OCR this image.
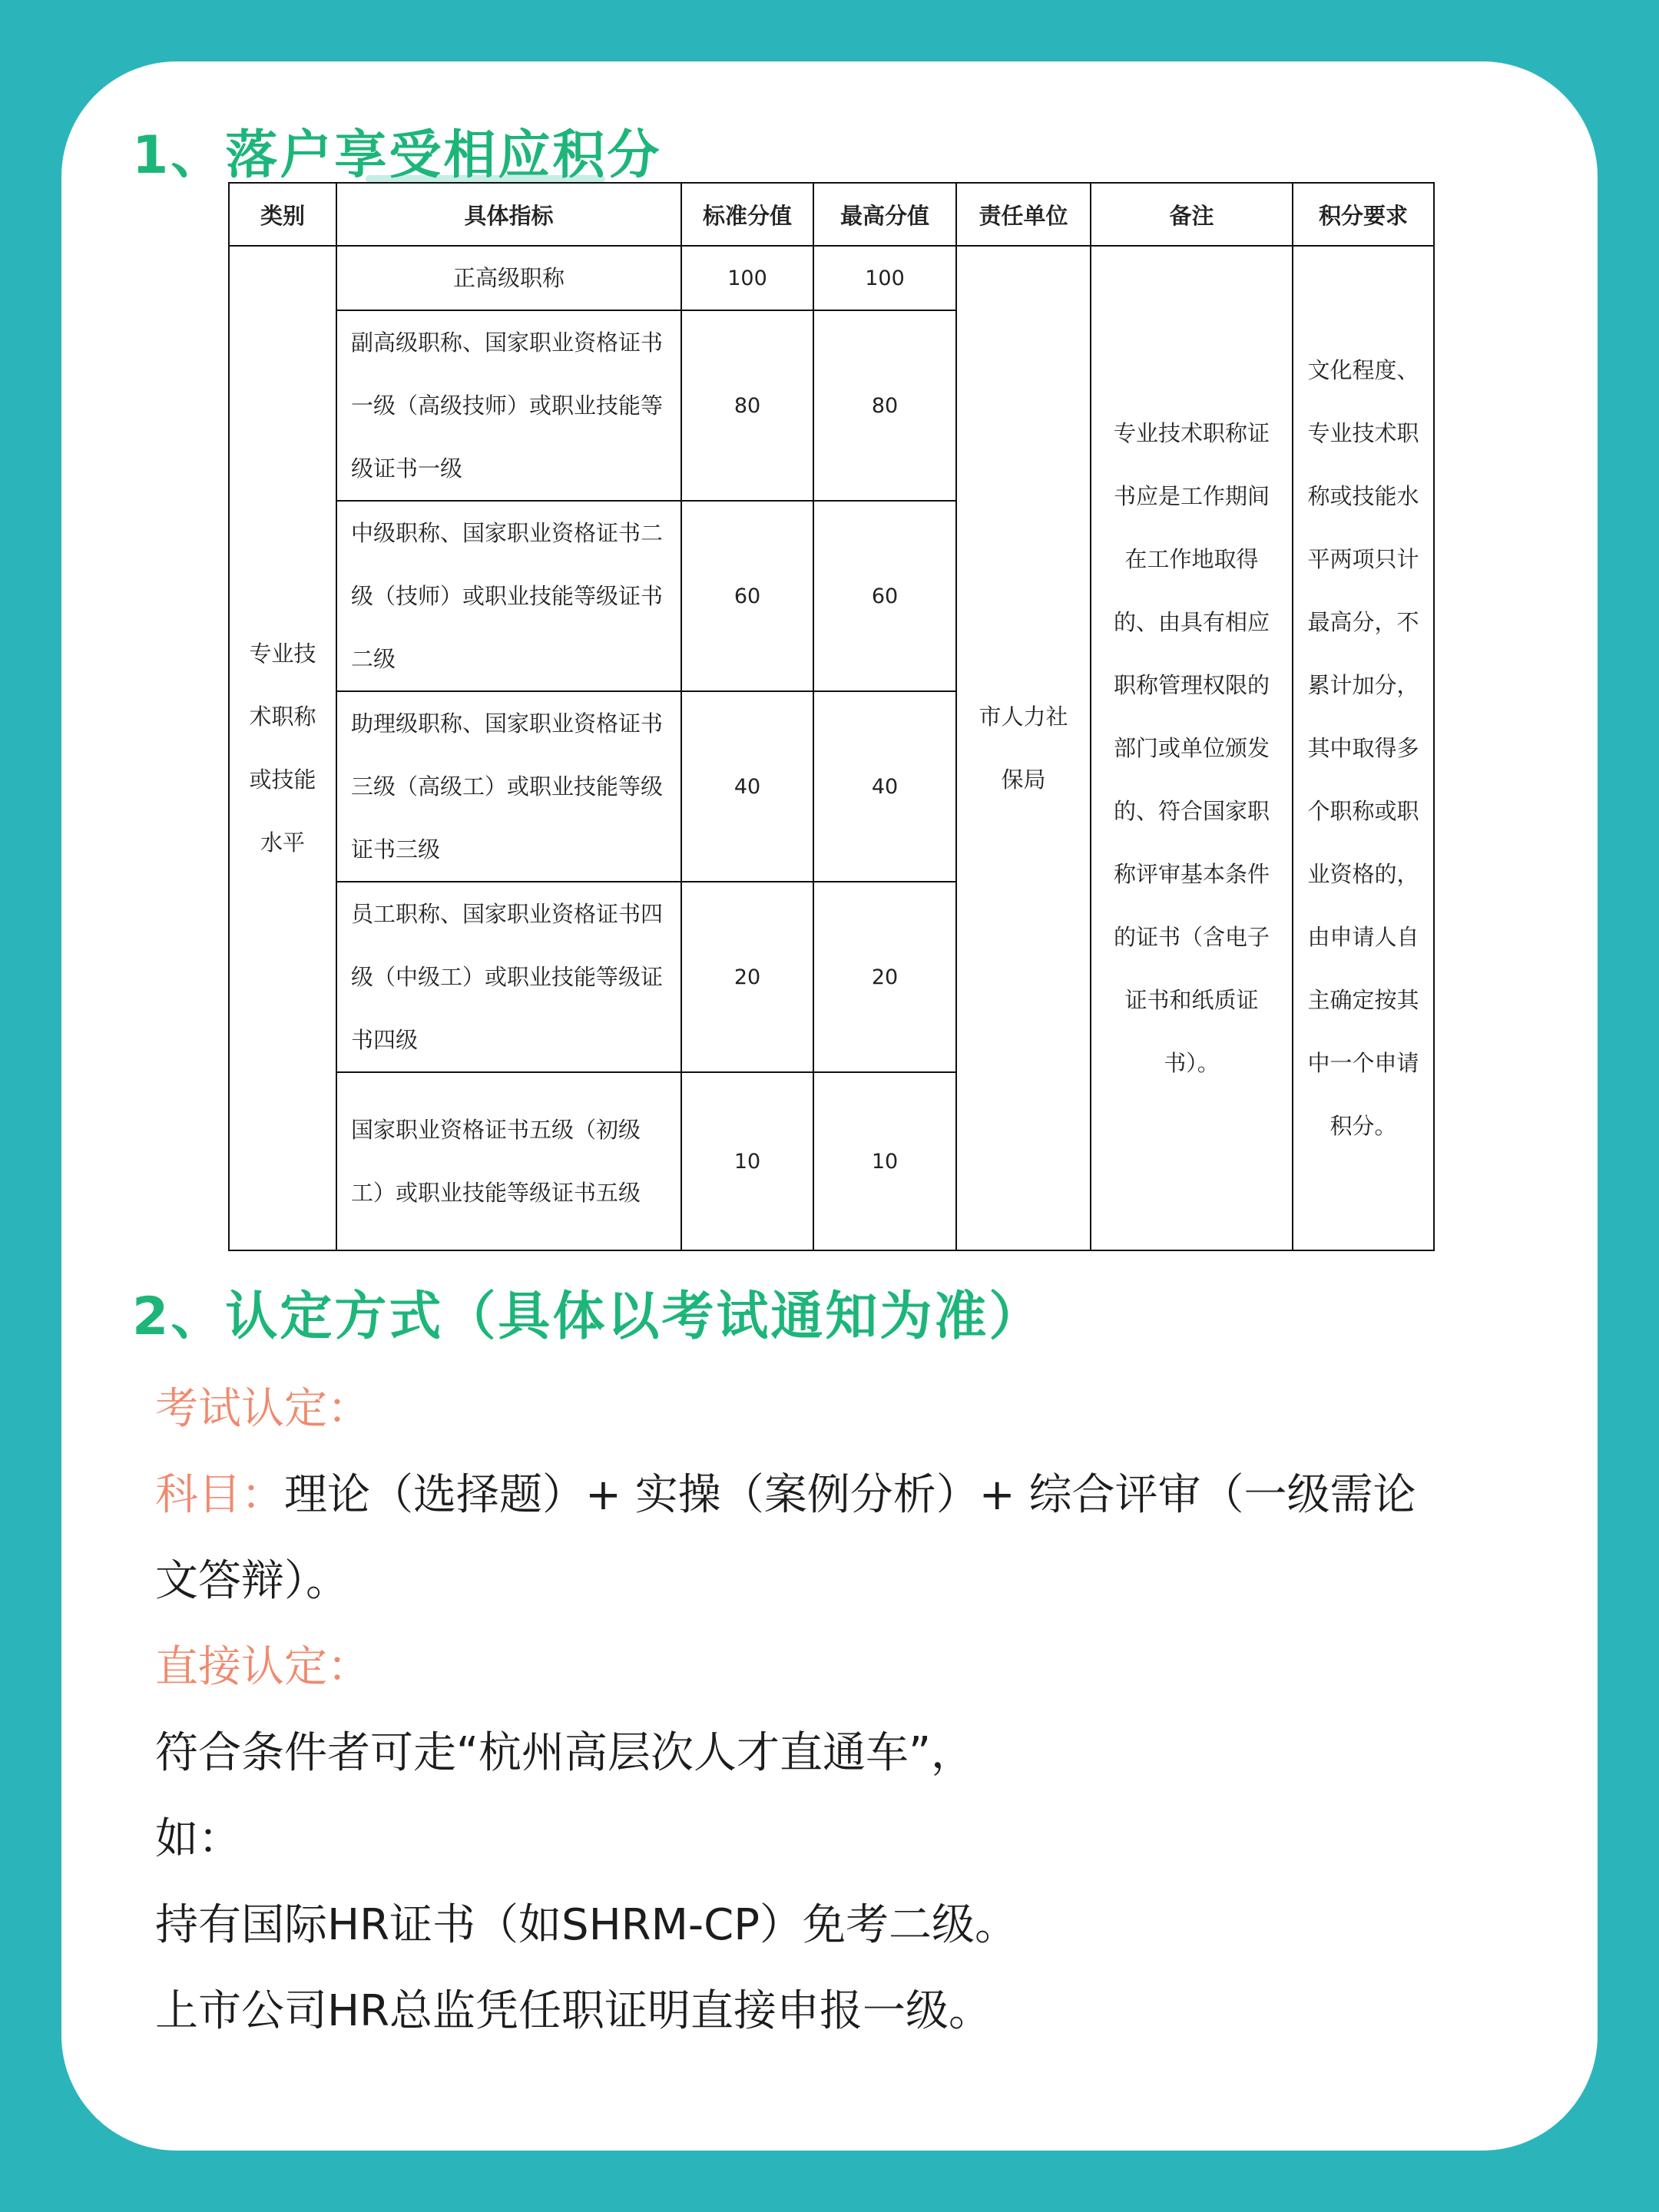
1、落户享受相应积分
类别	具体指标	标准分值	最高分值	责任单位	备注	积分要求

专业技术职称或技能水平	正高级职称	100	100	市人力社保局	专业技术职称证书应是工作期间在工作地取得的、由具有相应职称管理权限的部门或单位颁发的、符合国家职称评审基本条件的证书（含电子证书和纸质证书）。	文化程度、专业技术职称或技能水平两项只计最高分，不累计加分，其中取得多个职称或职业资格的，由申请人自主确定按其中一个申请积分。

	副高级职称、国家职业资格证书一级（高级技师）或职业技能等级证书一级	80	80			
	中级职称、国家职业资格证书二级（技师）或职业技能等级证书二级	60	60			
	助理级职称、国家职业资格证书三级（高级工）或职业技能等级证书三级	40	40			
	员工职称、国家职业资格证书四级（中级工）或职业技能等级证书四级	20	20			
	国家职业资格证书五级（初级工）或职业技能等级证书五级	10	10			
2、认定方式（具体以考试通知为准）

考试认定：

科目：理论（选择题）+ 实操（案例分析）+ 综合评审（一级需论

文答辩）。

直接认定：

符合条件者可走“杭州高层次人才直通车”，

如：

持有国际HR证书（如SHRM-CP）免考二级。

上市公司HR总监凭任职证明直接申报一级。
